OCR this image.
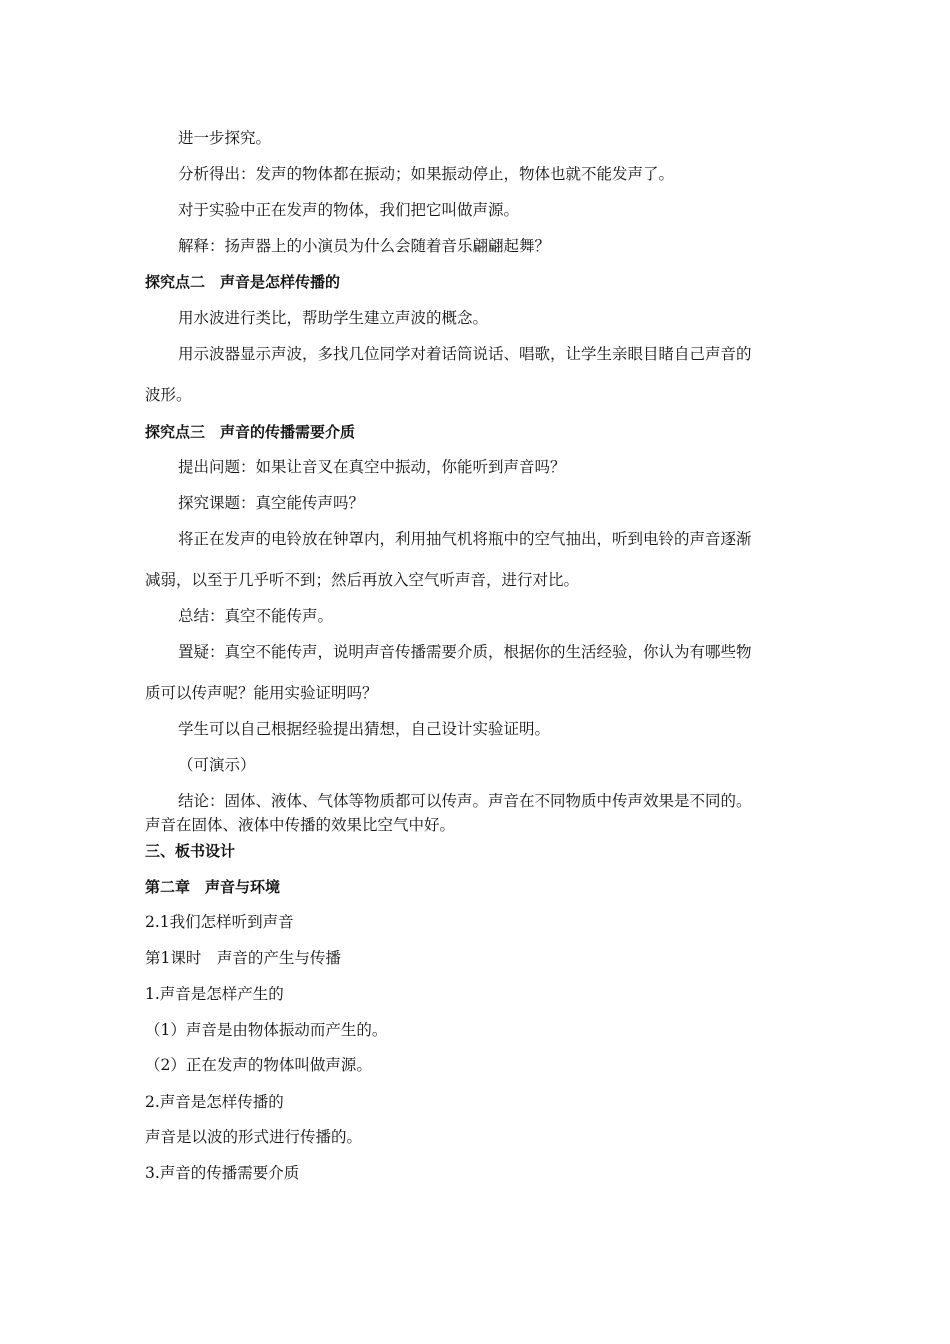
进一步探究。
分析得出：发声的物体都在振动；如果振动停止，物体也就不能发声了。
对于实验中正在发声的物体，我们把它叫做声源。
解释：扬声器上的小演员为什么会随着音乐翩翩起舞？
探究点二　声音是怎样传播的
用水波进行类比，帮助学生建立声波的概念。
用示波器显示声波，多找几位同学对着话筒说话、唱歌，让学生亲眼目睹自己声音的
波形。
探究点三　声音的传播需要介质
提出问题：如果让音叉在真空中振动，你能听到声音吗？
探究课题：真空能传声吗？
将正在发声的电铃放在钟罩内，利用抽气机将瓶中的空气抽出，听到电铃的声音逐渐
减弱，以至于几乎听不到；然后再放入空气听声音，进行对比。
总结：真空不能传声。
置疑：真空不能传声，说明声音传播需要介质，根据你的生活经验，你认为有哪些物
质可以传声呢？能用实验证明吗？
学生可以自己根据经验提出猜想，自己设计实验证明。
（可演示）
结论：固体、液体、气体等物质都可以传声。声音在不同物质中传声效果是不同的。
声音在固体、液体中传播的效果比空气中好。
三、板书设计
第二章　声音与环境
2.1我们怎样听到声音
第1课时　声音的产生与传播
1.声音是怎样产生的
（1）声音是由物体振动而产生的。
（2）正在发声的物体叫做声源。
2.声音是怎样传播的
声音是以波的形式进行传播的。
3.声音的传播需要介质
